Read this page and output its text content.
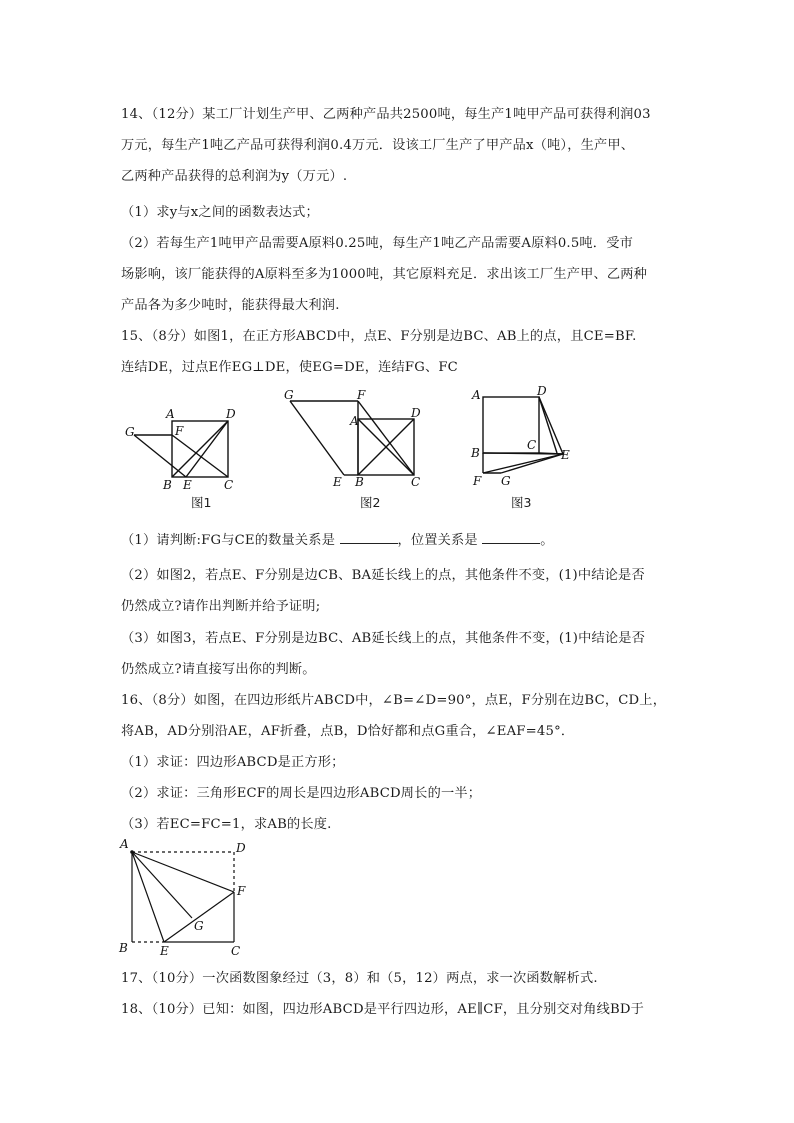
14、（12分）某工厂计划生产甲、乙两种产品共2500吨，每生产1吨甲产品可获得利润03
万元，每生产1吨乙产品可获得利润0.4万元．设该工厂生产了甲产品x（吨），生产甲、
乙两种产品获得的总利润为y（万元）.
（1）求y与x之间的函数表达式；
（2）若每生产1吨甲产品需要A原料0.25吨，每生产1吨乙产品需要A原料0.5吨．受市
场影响，该厂能获得的A原料至多为1000吨，其它原料充足．求出该工厂生产甲、乙两种
产品各为多少吨时，能获得最大利润.
15、（8分）如图1，在正方形ABCD中，点E、F分别是边BC、AB上的点，且CE=BF.
连结DE，过点E作EG⊥DE，使EG=DE，连结FG、FC
A	D
G	F
B E	C
图1
G	F
D
A
E B	C
图2
A	D
C
B	E
F G
图3
（1）请判断:FG与CE的数量关系是	，位置关系是	。
（2）如图2，若点E、F分别是边CB、BA延长线上的点，其他条件不变，(1)中结论是否
仍然成立?请作出判断并给予证明;
（3）如图3，若点E、F分别是边BC、AB延长线上的点，其他条件不变，(1)中结论是否
仍然成立?请直接写出你的判断。
16、（8分）如图，在四边形纸片ABCD中，∠B=∠D=90°，点E，F分别在边BC，CD上，
将AB，AD分别沿AE，AF折叠，点B，D恰好都和点G重合，∠EAF=45°．
（1）求证：四边形ABCD是正方形；
（2）求证：三角形ECF的周长是四边形ABCD周长的一半；
（3）若EC=FC=1，求AB的长度.
A	D
F
G
B	E	C
17、（10分）一次函数图象经过（3，8）和（5，12）两点，求一次函数解析式.
18、（10分）已知：如图，四边形ABCD是平行四边形，AE∥CF，且分别交对角线BD于
